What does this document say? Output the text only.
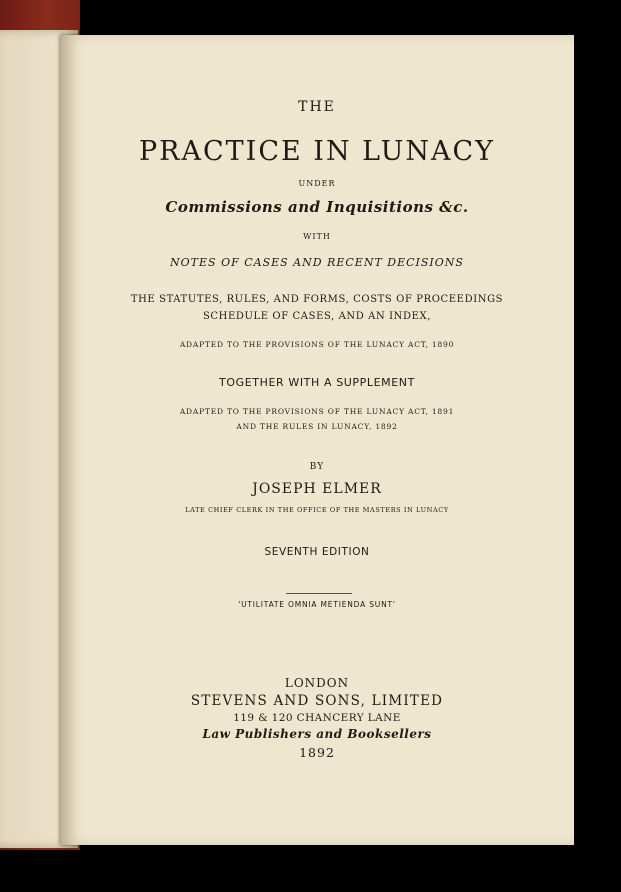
THE
PRACTICE IN LUNACY
UNDER
Commissions and Inquisitions &c.
WITH
NOTES OF CASES AND RECENT DECISIONS
THE STATUTES, RULES, AND FORMS, COSTS OF PROCEEDINGS
SCHEDULE OF CASES, AND AN INDEX,
ADAPTED TO THE PROVISIONS OF THE LUNACY ACT, 1890
TOGETHER WITH A SUPPLEMENT
ADAPTED TO THE PROVISIONS OF THE LUNACY ACT, 1891
AND THE RULES IN LUNACY, 1892
BY
JOSEPH ELMER
LATE CHIEF CLERK IN THE OFFICE OF THE MASTERS IN LUNACY
SEVENTH EDITION
'UTILITATE OMNIA METIENDA SUNT'
LONDON
STEVENS AND SONS, LIMITED
119 & 120 CHANCERY LANE
Law Publishers and Booksellers
1892
